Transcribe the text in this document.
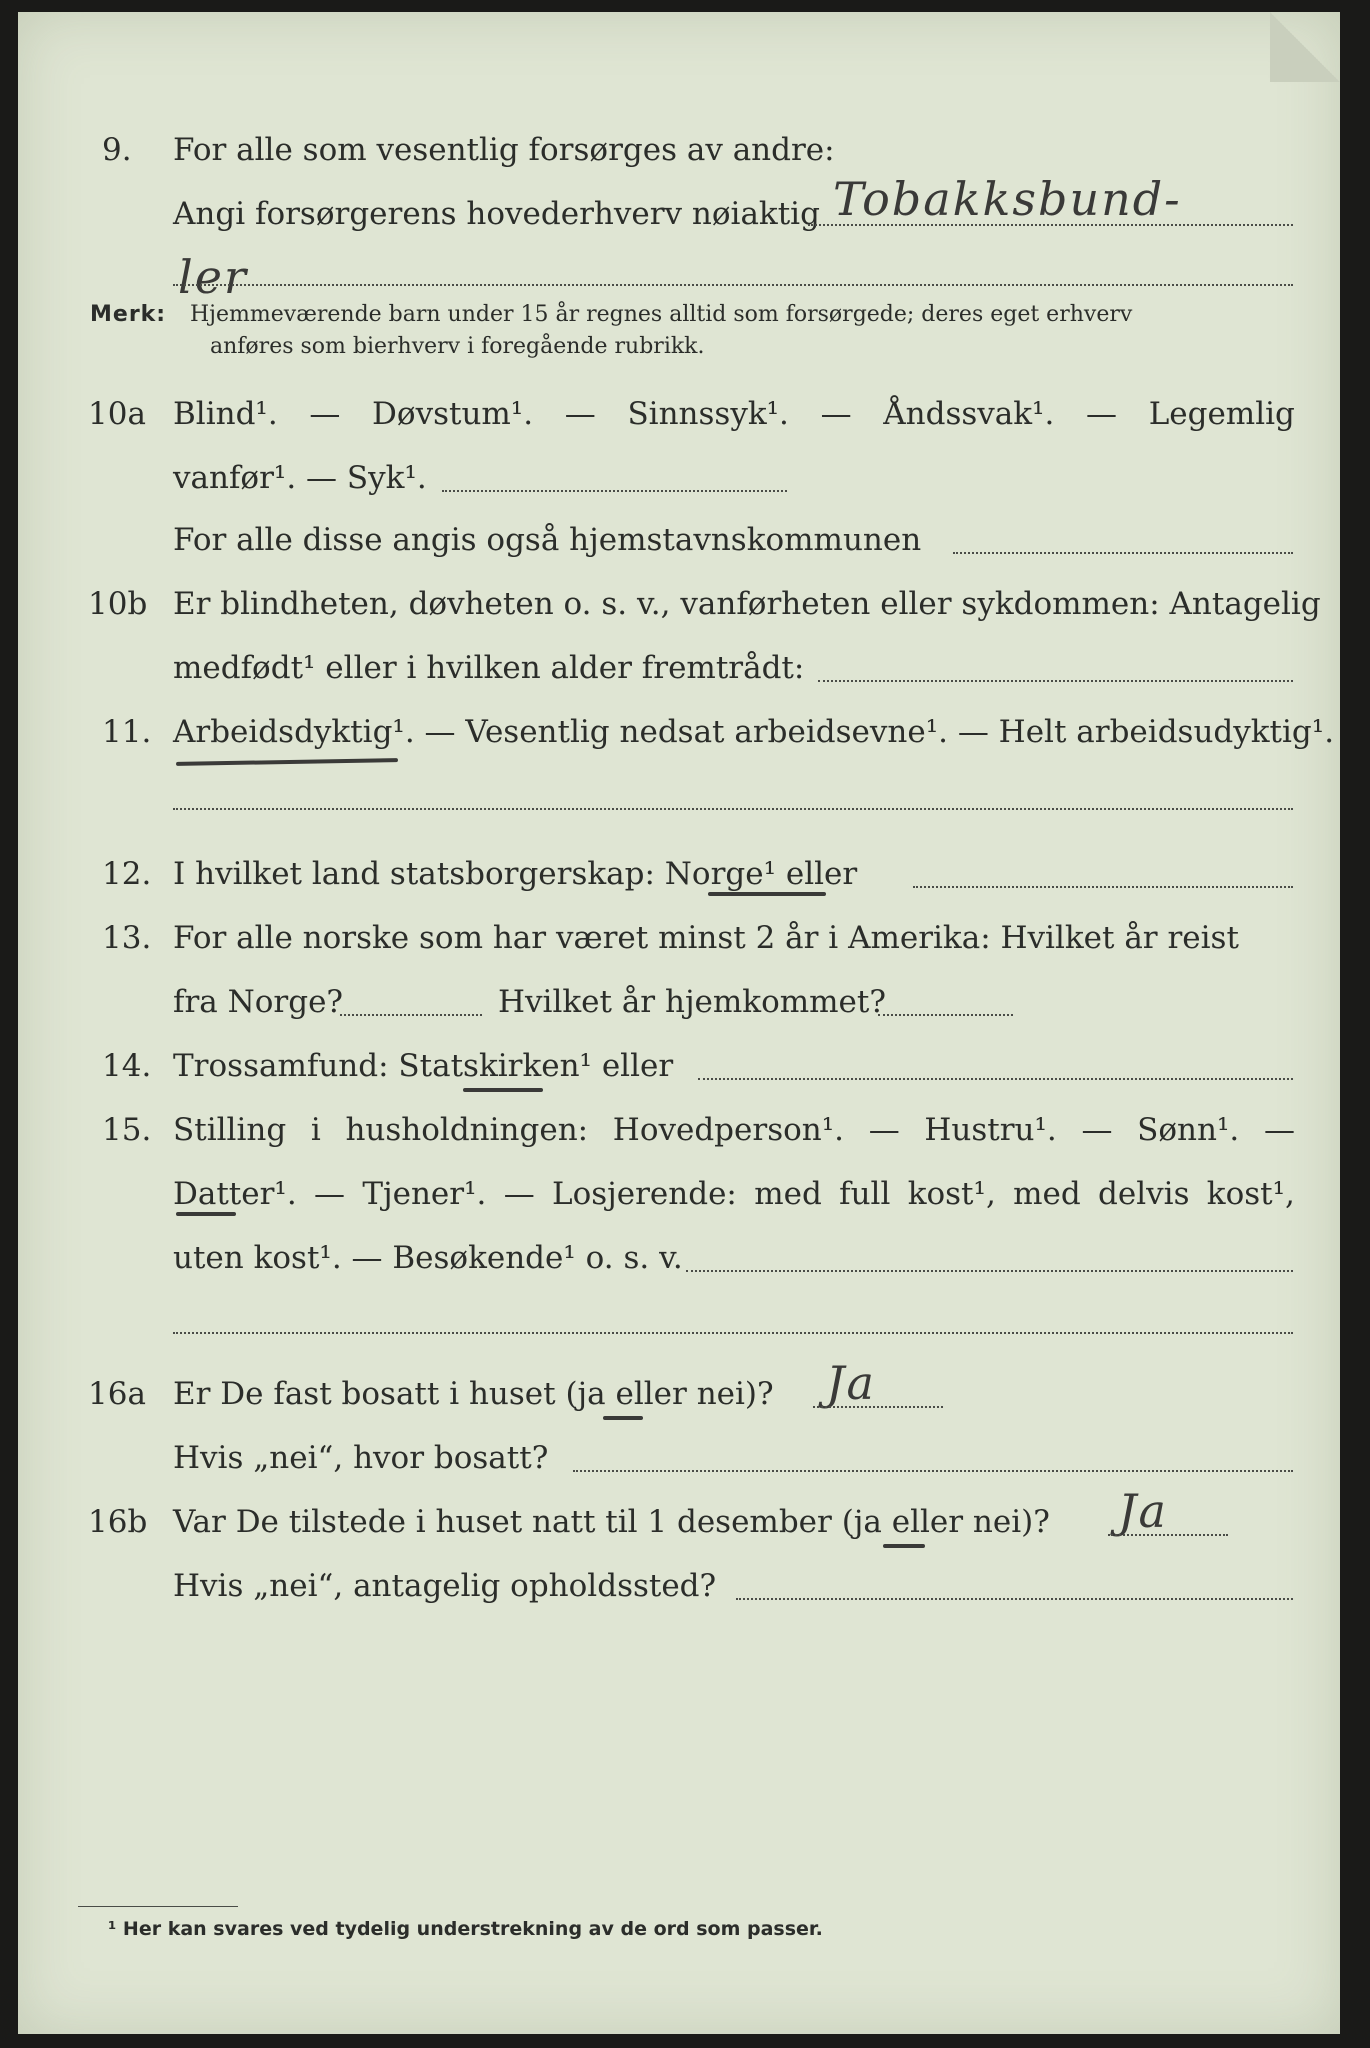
9. For alle som vesentlig forsørges av andre:
Angi forsørgerens hovederhverv nøiaktig Tobakksbund-
ler
Merk: Hjemmeværende barn under 15 år regnes alltid som forsørgede; deres eget erhverv
anføres som bierhverv i foregående rubrikk.
10a Blind¹. — Døvstum¹. — Sinnssyk¹. — Åndssvak¹. — Legemlig
vanfør¹. — Syk¹.
For alle disse angis også hjemstavnskommunen
10b Er blindheten, døvheten o. s. v., vanførheten eller sykdommen: Antagelig
medfødt¹ eller i hvilken alder fremtrådt:
11. Arbeidsdyktig¹. — Vesentlig nedsat arbeidsevne¹. — Helt arbeidsudyktig¹.
12. I hvilket land statsborgerskap: Norge¹ eller
13. For alle norske som har været minst 2 år i Amerika: Hvilket år reist
fra Norge?	Hvilket år hjemkommet?
14. Trossamfund: Statskirken¹ eller
15. Stilling i husholdningen: Hovedperson¹. — Hustru¹. — Sønn¹. —
Datter¹. — Tjener¹. — Losjerende: med full kost¹, med delvis kost¹,
uten kost¹. — Besøkende¹ o. s. v.
16a Er De fast bosatt i huset (ja eller nei)? Ja
Hvis „nei“, hvor bosatt?
16b Var De tilstede i huset natt til 1 desember (ja eller nei)? Ja
Hvis „nei“, antagelig opholdssted?
¹ Her kan svares ved tydelig understrekning av de ord som passer.
